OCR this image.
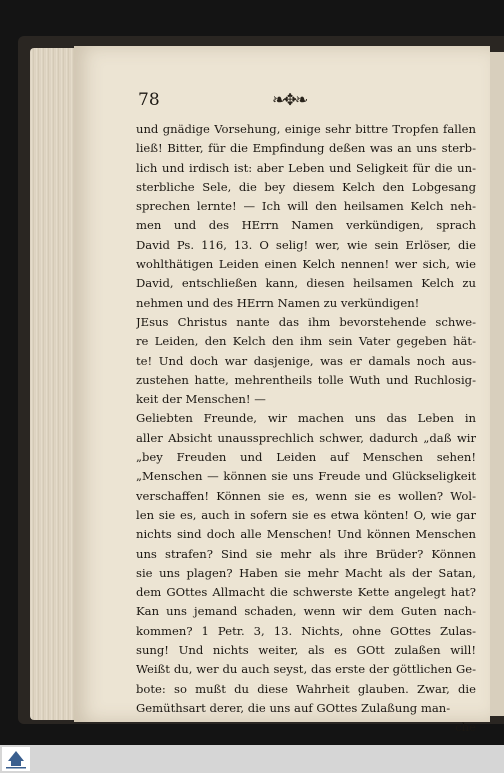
78	❧✥❧
und gnädige Vorsehung, einige sehr bittre Tropfen fallen
ließ! Bitter, für die Empfindung deßen was an uns sterb-
lich und irdisch ist: aber Leben und Seligkeit für die un-
sterbliche Sele, die bey diesem Kelch den Lobgesang
sprechen lernte! — Ich will den heilsamen Kelch neh-
men und des HErrn Namen verkündigen, sprach
David Ps. 116, 13. O selig! wer, wie sein Erlöser, die
wohlthätigen Leiden einen Kelch nennen! wer sich, wie
David, entschließen kann, diesen heilsamen Kelch zu
nehmen und des HErrn Namen zu verkündigen!
JEsus Christus nante das ihm bevorstehende schwe-
re Leiden, den Kelch den ihm sein Vater gegeben hät-
te! Und doch war dasjenige, was er damals noch aus-
zustehen hatte, mehrentheils tolle Wuth und Ruchlosig-
keit der Menschen! —
Geliebten Freunde, wir machen uns das Leben in
aller Absicht unaussprechlich schwer, dadurch „daß wir
„bey Freuden und Leiden auf Menschen sehen!
„Menschen — können sie uns Freude und Glückseligkeit
verschaffen! Können sie es, wenn sie es wollen? Wol-
len sie es, auch in sofern sie es etwa könten! O, wie gar
nichts sind doch alle Menschen! Und können Menschen
uns strafen? Sind sie mehr als ihre Brüder? Können
sie uns plagen? Haben sie mehr Macht als der Satan,
dem GOttes Allmacht die schwerste Kette angelegt hat?
Kan uns jemand schaden, wenn wir dem Guten nach-
kommen? 1 Petr. 3, 13. Nichts, ohne GOttes Zulas-
sung! Und nichts weiter, als es GOtt zulaßen will!
Weißt du, wer du auch seyst, das erste der göttlichen Ge-
bote: so mußt du diese Wahrheit glauben. Zwar, die
Gemüthsart derer, die uns auf GOttes Zulaßung man-
che
